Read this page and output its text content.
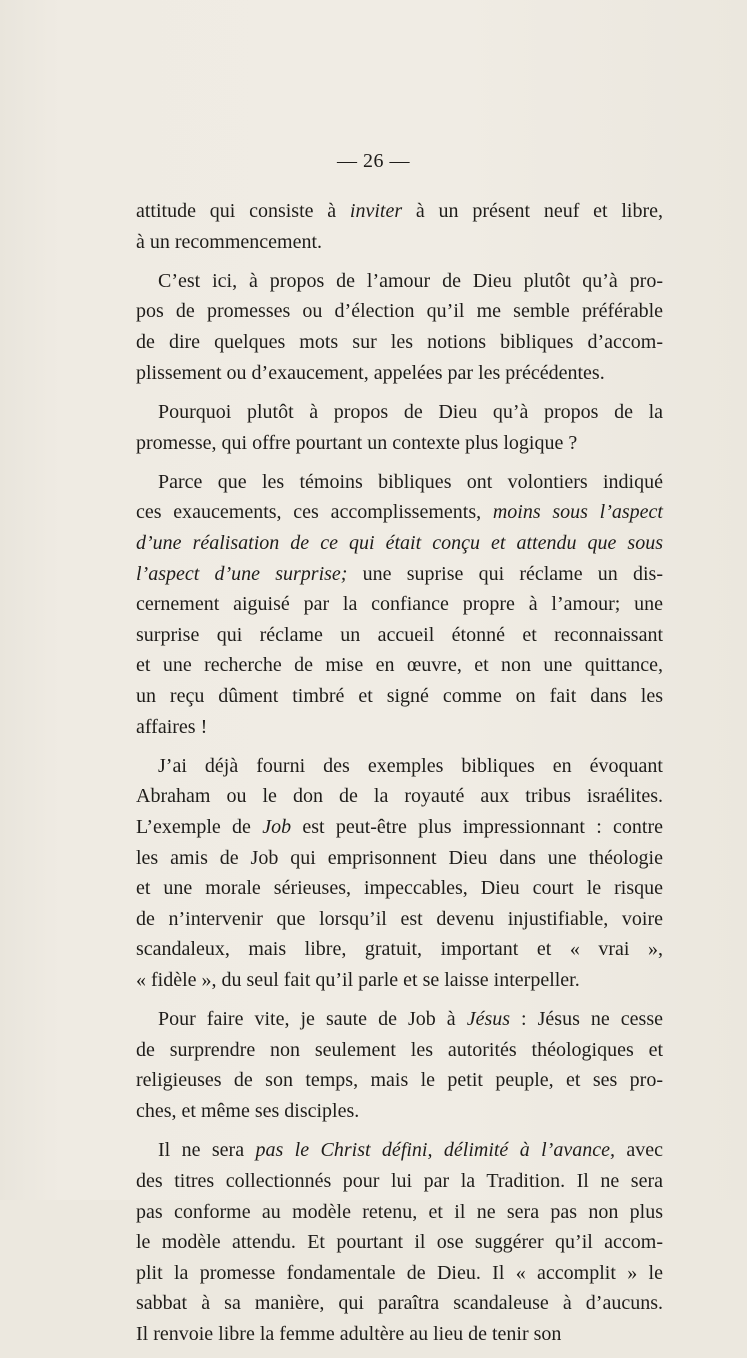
— 26 —
attitude qui consiste à inviter à un présent neuf et libre,
à un recommencement.
C’est ici, à propos de l’amour de Dieu plutôt qu’à pro-
pos de promesses ou d’élection qu’il me semble préférable
de dire quelques mots sur les notions bibliques d’accom-
plissement ou d’exaucement, appelées par les précédentes.
Pourquoi plutôt à propos de Dieu qu’à propos de la
promesse, qui offre pourtant un contexte plus logique ?
Parce que les témoins bibliques ont volontiers indiqué
ces exaucements, ces accomplissements, moins sous l’aspect
d’une réalisation de ce qui était conçu et attendu que sous
l’aspect d’une surprise; une suprise qui réclame un dis-
cernement aiguisé par la confiance propre à l’amour; une
surprise qui réclame un accueil étonné et reconnaissant
et une recherche de mise en œuvre, et non une quittance,
un reçu dûment timbré et signé comme on fait dans les
affaires !
J’ai déjà fourni des exemples bibliques en évoquant
Abraham ou le don de la royauté aux tribus israélites.
L’exemple de Job est peut-être plus impressionnant : contre
les amis de Job qui emprisonnent Dieu dans une théologie
et une morale sérieuses, impeccables, Dieu court le risque
de n’intervenir que lorsqu’il est devenu injustifiable, voire
scandaleux, mais libre, gratuit, important et « vrai »,
« fidèle », du seul fait qu’il parle et se laisse interpeller.
Pour faire vite, je saute de Job à Jésus : Jésus ne cesse
de surprendre non seulement les autorités théologiques et
religieuses de son temps, mais le petit peuple, et ses pro-
ches, et même ses disciples.
Il ne sera pas le Christ défini, délimité à l’avance, avec
des titres collectionnés pour lui par la Tradition. Il ne sera
pas conforme au modèle retenu, et il ne sera pas non plus
le modèle attendu. Et pourtant il ose suggérer qu’il accom-
plit la promesse fondamentale de Dieu. Il « accomplit » le
sabbat à sa manière, qui paraîtra scandaleuse à d’aucuns.
Il renvoie libre la femme adultère au lieu de tenir son
